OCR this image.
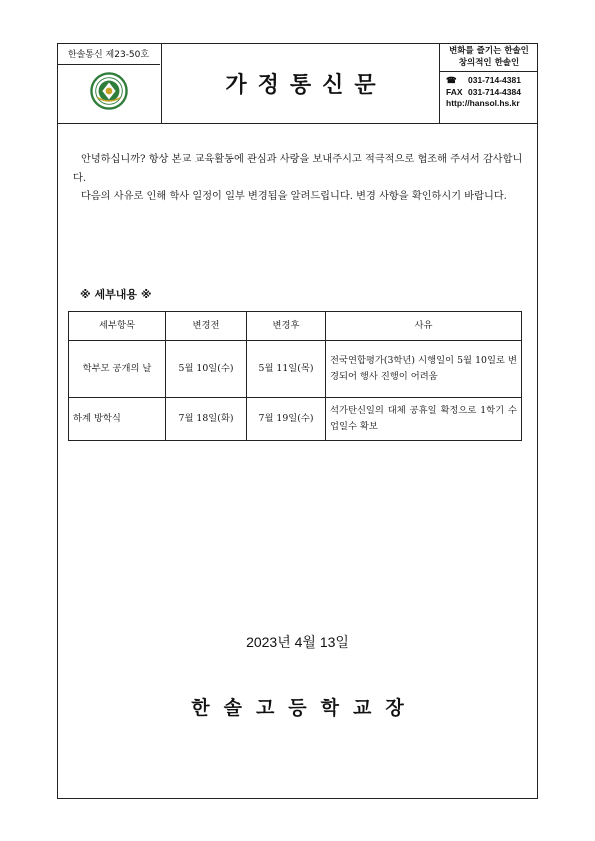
한솔통신 제23-50호
가정통신문
변화를 즐기는 한솔인
창의적인 한솔인
☎	031-714-4381
FAX 031-714-4384
http://hansol.hs.kr

안녕하십니까? 항상 본교 교육활동에 관심과 사랑을 보내주시고 적극적으로 협조해 주셔서 감사합니다.

다음의 사유로 인해 학사 일정이 일부 변경됨을 알려드립니다. 변경 사항을 확인하시기 바랍니다.

※ 세부내용 ※
세부항목	변경전	변경후	사유
학부모 공개의 날	5월 10일(수)	5월 11일(목)	전국연합평가(3학년) 시행일이 5월 10일로 변경되어 행사 진행이 어려움
하계 방학식	7월 18일(화)	7월 19일(수)	석가탄신일의 대체 공휴일 확정으로 1학기 수업일수 확보
2023년 4월 13일
한솔고등학교장
